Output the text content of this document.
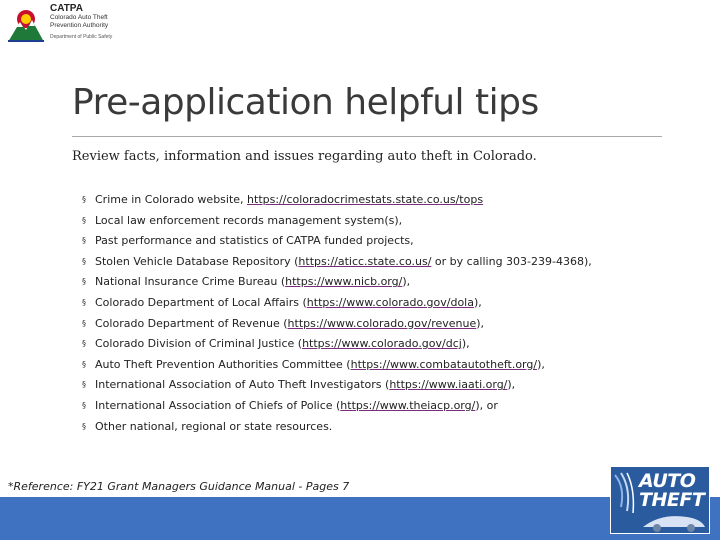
CATPA
Colorado Auto Theft
Prevention Authority
Department of Public Safety
Pre-application helpful tips

Review facts, information and issues regarding auto theft in Colorado.

§ Crime in Colorado website, https://coloradocrimestats.state.co.us/tops
§ Local law enforcement records management system(s),
§ Past performance and statistics of CATPA funded projects,
§ Stolen Vehicle Database Repository (https://aticc.state.co.us/ or by calling 303-239-4368),
§ National Insurance Crime Bureau (https://www.nicb.org/),
§ Colorado Department of Local Affairs (https://www.colorado.gov/dola),
§ Colorado Department of Revenue (https://www.colorado.gov/revenue),
§ Colorado Division of Criminal Justice (https://www.colorado.gov/dcj),
§ Auto Theft Prevention Authorities Committee (https://www.combatautotheft.org/),
§ International Association of Auto Theft Investigators (https://www.iaati.org/),
§ International Association of Chiefs of Police (https://www.theiacp.org/), or
§ Other national, regional or state resources.

*Reference: FY21 Grant Managers Guidance Manual - Pages 7	AUTO
THEFT
